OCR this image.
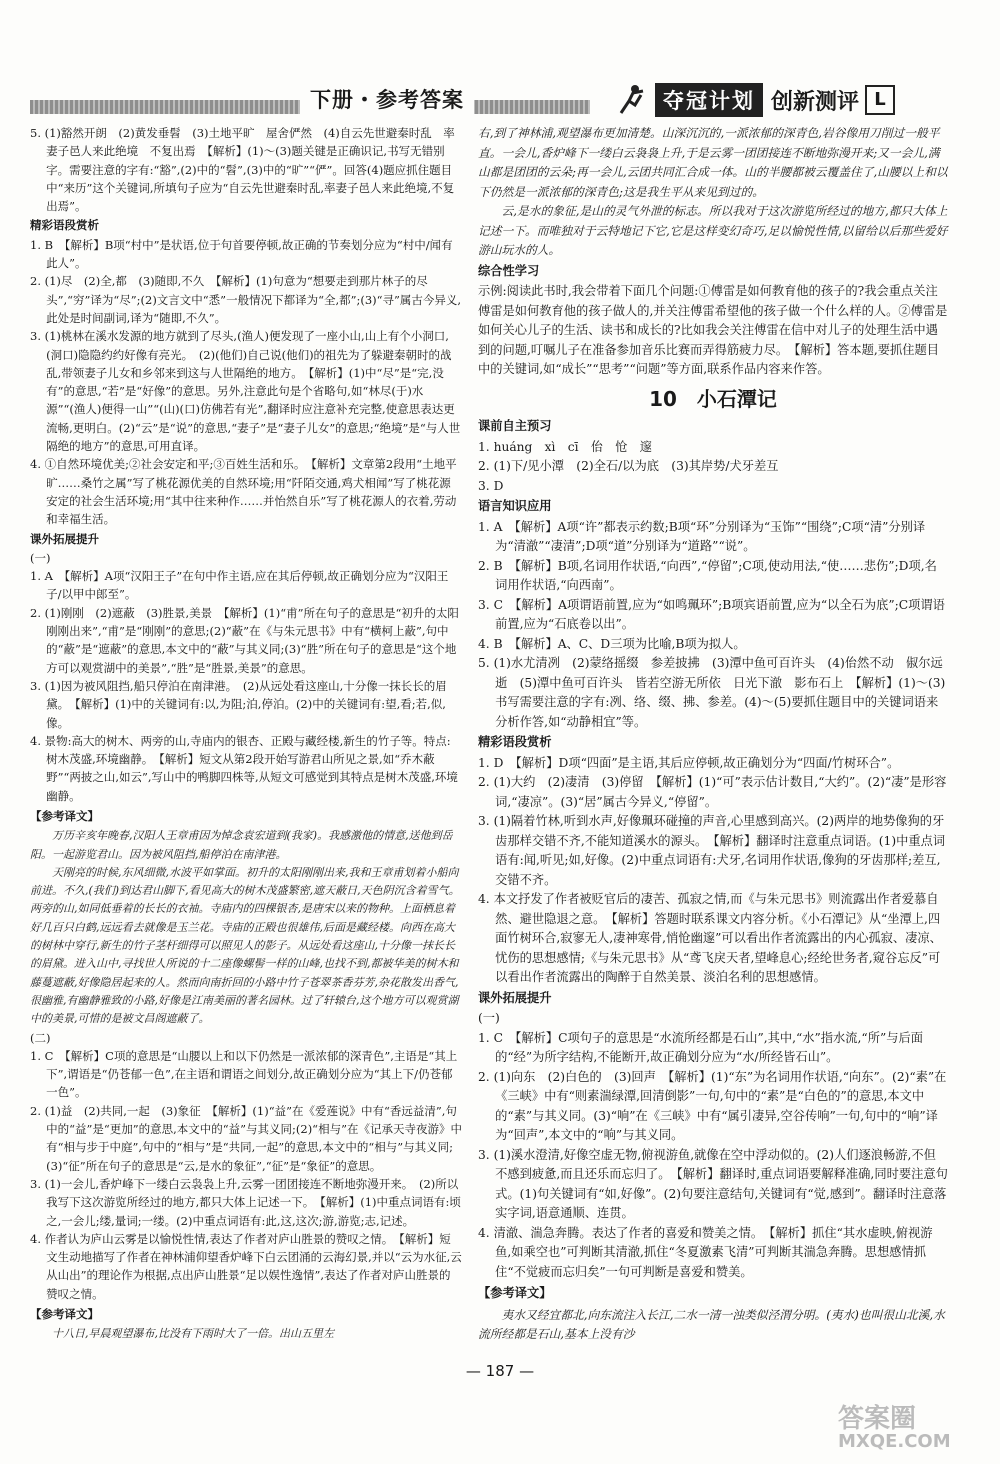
下册・参考答案	夺冠计划 创新测评 L

5. (1)豁然开朗　(2)黄发垂髫　(3)土地平旷　屋舍俨然　(4)自云先世避秦时乱　率妻子邑人来此绝境　不复出焉　【解析】(1)～(3)题关键是正确识记,书写无错别字。需要注意的字有:“豁”,(2)中的“髫”,(3)中的“旷”“俨”。回答(4)题应抓住题目中“来历”这个关键词,所填句子应为“自云先世避秦时乱,率妻子邑人来此绝境,不复出焉”。

精彩语段赏析

1. B　【解析】B项“村中”是状语,位于句首要停顿,故正确的节奏划分应为“村中/闻有此人”。

2. (1)尽　(2)全,都　(3)随即,不久　【解析】(1)句意为“想要走到那片林子的尽头”,“穷”译为“尽”;(2)文言文中“悉”一般情况下都译为“全,都”;(3)“寻”属古今异义,此处是时间副词,译为“随即,不久”。

3. (1)桃林在溪水发源的地方就到了尽头,(渔人)便发现了一座小山,山上有个小洞口,(洞口)隐隐约约好像有亮光。　(2)(他们)自己说(他们)的祖先为了躲避秦朝时的战乱,带领妻子儿女和乡邻来到这与人世隔绝的地方。　【解析】(1)中“尽”是“完,没有”的意思,“若”是“好像”的意思。另外,注意此句是个省略句,如“林尽(于)水源”“(渔人)便得一山”“(山)(口)仿佛若有光”,翻译时应注意补充完整,使意思表达更流畅,更明白。(2)“云”是“说”的意思,“妻子”是“妻子儿女”的意思;“绝境”是“与人世隔绝的地方”的意思,可用直译。

4. ①自然环境优美;②社会安定和平;③百姓生活和乐。　【解析】文章第2段用“土地平旷……桑竹之属”写了桃花源优美的自然环境;用“阡陌交通,鸡犬相闻”写了桃花源安定的社会生活环境;用“其中往来种作……并怡然自乐”写了桃花源人的衣着,劳动和幸福生活。

课外拓展提升

(一)

1. A　【解析】A项“汉阳王子”在句中作主语,应在其后停顿,故正确划分应为“汉阳王子/以甲中郎至”。

2. (1)刚刚　(2)遮蔽　(3)胜景,美景　【解析】(1)“甫”所在句子的意思是“初升的太阳刚刚出来”,“甫”是“刚刚”的意思;(2)“蔽”在《与朱元思书》中有“横柯上蔽”,句中的“蔽”是“遮蔽”的意思,本文中的“蔽”与其义同;(3)“胜”所在句子的意思是“这个地方可以观赏湖中的美景”,“胜”是“胜景,美景”的意思。

3. (1)因为被风阻挡,船只停泊在南津港。　(2)从远处看这座山,十分像一抹长长的眉黛。　【解析】(1)中的关键词有:以,为阻;泊,停泊。(2)中的关键词有:望,看;若,似,像。

4. 景物:高大的树木、两旁的山,寺庙内的银杏、正殿与藏经楼,新生的竹子等。特点:树木茂盛,环境幽静。　【解析】短文从第2段开始写游君山所见之景,如“乔木蔽野”“两披之山,如云”,写山中的鸭脚四株等,从短文可感觉到其特点是树木茂盛,环境幽静。

【参考译文】

万历辛亥年晚春,汉阳人王章甫因为悼念袁宏道到(我家)。我感激他的情意,送他到岳阳。一起游览君山。因为被风阻挡,船停泊在南津港。

天刚亮的时候,东风细微,水波平如掌面。初升的太阳刚刚出来,我和王章甫划着小船向前进。不久,(我们)到达君山脚下,看见高大的树木茂盛繁密,遮天蔽日,天色阴沉含着雪气。两旁的山,如同低垂着的长长的衣袖。寺庙内的四棵银杏,是唐宋以来的物种。上面栖息着好几百只白鹤,远远看去就像是玉兰花。寺庙的正殿也很雄伟,后面是藏经楼。向西在高大的树林中穿行,新生的竹子茎杆细得可以照见人的影子。从远处看这座山,十分像一抹长长的眉黛。进入山中,寻找世人所说的十二座像螺髻一样的山峰,也找不到,都被华美的树木和藤蔓遮蔽,好像隐居起来的人。然而向南折回的小路中竹子苍翠茶香芬芳,杂花散发出香气,很幽雅,有幽静雅致的小路,好像是江南美丽的著名园林。过了轩辕台,这个地方可以观赏湖中的美景,可惜的是被文昌阁遮蔽了。

(二)

1. C　【解析】C项的意思是“山腰以上和以下仍然是一派浓郁的深青色”,主语是“其上下”,谓语是“仍苍郁一色”,在主语和谓语之间划分,故正确划分应为“其上下/仍苍郁一色”。

2. (1)益　(2)共同,一起　(3)象征　【解析】(1)“益”在《爱莲说》中有“香远益清”,句中的“益”是“更加”的意思,本文中的“益”与其义同;(2)“相与”在《记承天寺夜游》中有“相与步于中庭”,句中的“相与”是“共同,一起”的意思,本文中的“相与”与其义同;(3)“征”所在句子的意思是“云,是水的象征”,“征”是“象征”的意思。

3. (1)一会儿,香炉峰下一缕白云袅袅上升,云雾一团团接连不断地弥漫开来。　(2)所以我写下这次游览所经过的地方,都只大体上记述一下。　【解析】(1)中重点词语有:顷之,一会儿;缕,量词;一缕。(2)中重点词语有:此,这,这次;游,游览;志,记述。

4. 作者认为庐山云雾是以愉悦性情,表达了作者对庐山胜景的赞叹之情。　【解析】短文生动地描写了作者在神林浦仰望香炉峰下白云团涌的云海幻景,并以“云为水征,云从山出”的理论作为根据,点出庐山胜景“足以娱性逸情”,表达了作者对庐山胜景的赞叹之情。

【参考译文】

十八日,早晨观望瀑布,比没有下雨时大了一倍。出山五里左

右,到了神林浦,观望瀑布更加清楚。山深沉沉的,一派浓郁的深青色,岩谷像用刀削过一般平直。一会儿,香炉峰下一缕白云袅袅上升,于是云雾一团团接连不断地弥漫开来;又一会儿,满山都是团团的云朵;再一会儿,云团共同汇合成一体。山的半腰都被云覆盖住了,山腰以上和以下仍然是一派浓郁的深青色;这是我生平从来见到过的。

云,是水的象征,是山的灵气外泄的标志。所以我对于这次游览所经过的地方,都只大体上记述一下。而唯独对于云特地记下它,它是这样变幻奇巧,足以愉悦性情,以留给以后那些爱好游山玩水的人。

综合性学习

示例:阅读此书时,我会带着下面几个问题:①傅雷是如何教育他的孩子的?我会重点关注傅雷是如何教育他的孩子做人的,并关注傅雷希望他的孩子做一个什么样的人。②傅雷是如何关心儿子的生活、读书和成长的?比如我会关注傅雷在信中对儿子的处理生活中遇到的问题,叮嘱儿子在准备参加音乐比赛而弄得筋疲力尽。　【解析】答本题,要抓住题目中的关键词,如“成长”“思考”“问题”等方面,联系作品内容来作答。

10　小石潭记
课前自主预习

1. huáng　xì　cī　佁　怆　邃

2. (1)下/见小潭　(2)全石/以为底　(3)其岸势/犬牙差互

3. D

语言知识应用

1. A　【解析】A项“许”都表示约数;B项“环”分别译为“玉饰”“围绕”;C项“清”分别译为“清澈”“凄清”;D项“道”分别译为“道路”“说”。

2. B　【解析】B项,名词用作状语,“向西”,“停留”;C项,使动用法,“使……悲伤”;D项,名词用作状语,“向西南”。

3. C　【解析】A项谓语前置,应为“如鸣珮环”;B项宾语前置,应为“以全石为底”;C项谓语前置,应为“石底卷以出”。

4. B　【解析】A、C、D三项为比喻,B项为拟人。

5. (1)水尤清冽　(2)蒙络摇缀　参差披拂　(3)潭中鱼可百许头　(4)佁然不动　俶尔远逝　(5)潭中鱼可百许头　皆若空游无所依　日光下澈　影布石上　【解析】(1)～(3)书写需要注意的字有:冽、络、缀、拂、参差。(4)～(5)要抓住题目中的关键词语来分析作答,如“动静相宜”等。

精彩语段赏析

1. D　【解析】D项“四面”是主语,其后应停顿,故正确划分为“四面/竹树环合”。

2. (1)大约　(2)凄清　(3)停留　【解析】(1)“可”表示估计数目,“大约”。(2)“凄”是形容词,“凄凉”。(3)“居”属古今异义,“停留”。

3. (1)隔着竹林,听到水声,好像珮环碰撞的声音,心里感到高兴。(2)两岸的地势像狗的牙齿那样交错不齐,不能知道溪水的源头。　【解析】翻译时注意重点词语。(1)中重点词语有:闻,听见;如,好像。(2)中重点词语有:犬牙,名词用作状语,像狗的牙齿那样;差互,交错不齐。

4. 本文抒发了作者被贬官后的凄苦、孤寂之情,而《与朱元思书》则流露出作者爱慕自然、避世隐退之意。　【解析】答题时联系课文内容分析。《小石潭记》从“坐潭上,四面竹树环合,寂寥无人,凄神寒骨,悄怆幽邃”可以看出作者流露出的内心孤寂、凄凉、忧伤的思想感情;《与朱元思书》从“鸢飞戾天者,望峰息心;经纶世务者,窥谷忘反”可以看出作者流露出的陶醉于自然美景、淡泊名利的思想感情。

课外拓展提升

(一)

1. C　【解析】C项句子的意思是“水流所经都是石山”,其中,“水”指水流,“所”与后面的“经”为所字结构,不能断开,故正确划分应为“水/所经皆石山”。

2. (1)向东　(2)白色的　(3)回声　【解析】(1)“东”为名词用作状语,“向东”。(2)“素”在《三峡》中有“则素湍绿潭,回清倒影”一句,句中的“素”是“白色的”的意思,本文中的“素”与其义同。(3)“响”在《三峡》中有“属引凄异,空谷传响”一句,句中的“响”译为“回声”,本文中的“响”与其义同。

3. (1)溪水澄清,好像空虚无物,俯视游鱼,就像在空中浮动似的。(2)人们逐浪畅游,不但不感到疲惫,而且还乐而忘归了。　【解析】翻译时,重点词语要解释准确,同时要注意句式。(1)句关键词有“如,好像”。(2)句要注意结句,关键词有“觉,感到”。翻译时注意落实字词,语意通顺、连贯。

4. 清澈、湍急奔腾。表达了作者的喜爱和赞美之情。　【解析】抓住“其水虚映,俯视游鱼,如乘空也”可判断其清澈,抓住“冬夏激素飞清”可判断其湍急奔腾。思想感情抓住“不觉疲而忘归矣”一句可判断是喜爱和赞美。

【参考译文】

夷水又经宜都北,向东流注入长江,二水一清一浊类似泾渭分明。(夷水)也叫很山北溪,水流所经都是石山,基本上没有沙

— 187 —
答案圈
MXQE.COM
